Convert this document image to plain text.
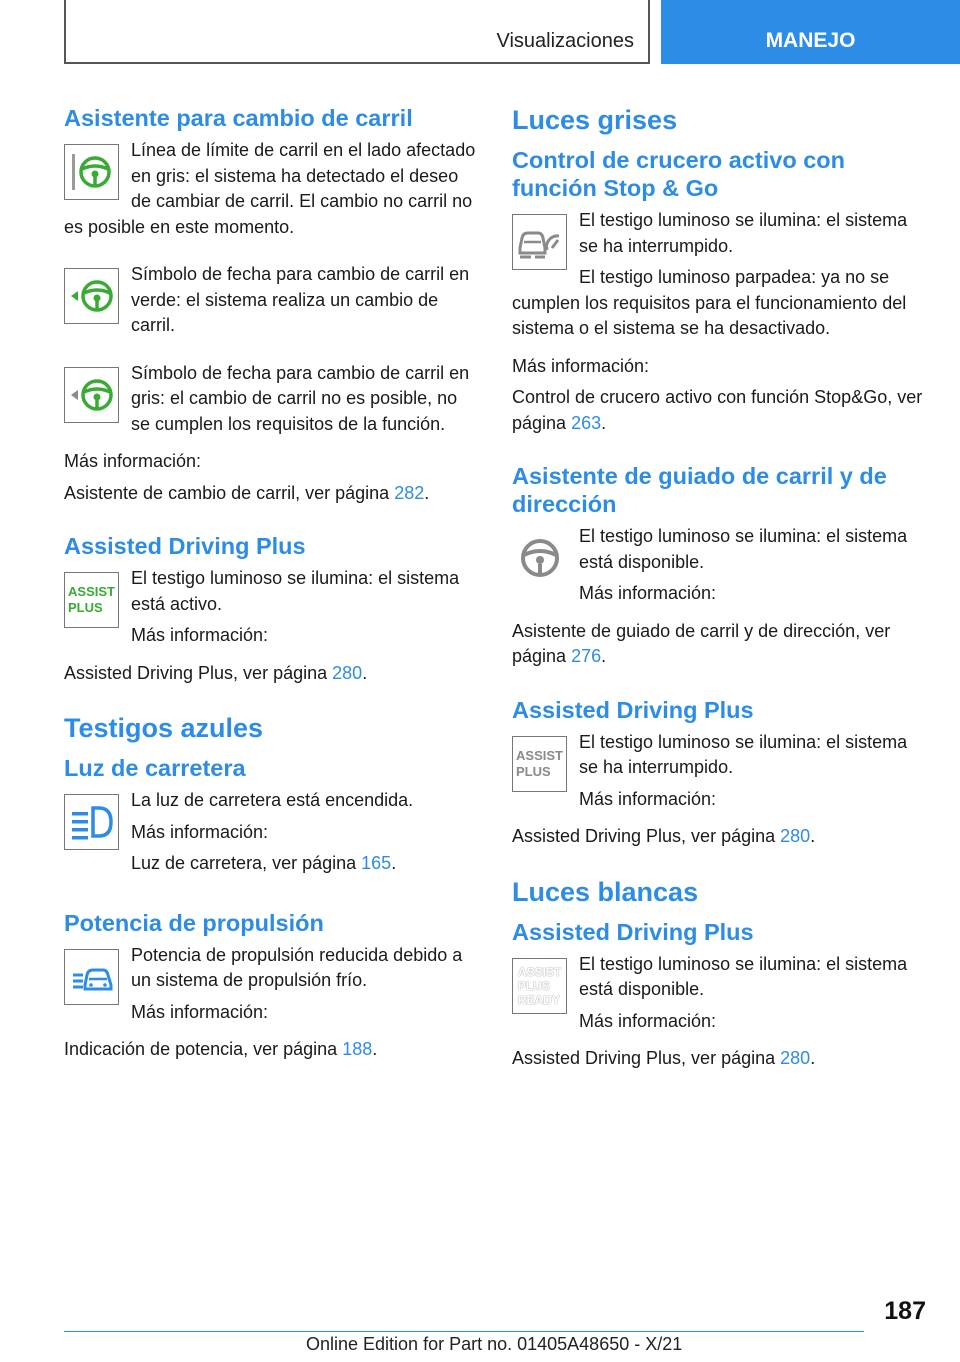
Visualizaciones	MANEJO
Asistente para cambio de carril

Línea de límite de carril en el lado afectado en gris: el sistema ha detectado el deseo de cambiar de carril. El cambio no carril no es posible en este momento.

Símbolo de fecha para cambio de carril en verde: el sistema realiza un cambio de carril.

Símbolo de fecha para cambio de carril en gris: el cambio de carril no es posible, no se cumplen los requisitos de la función.

Más información:

Asistente de cambio de carril, ver página 282.

Assisted Driving Plus
ASSIST
PLUS

El testigo luminoso se ilumina: el sistema está activo.

Más información:

Assisted Driving Plus, ver página 280.

Testigos azules
Luz de carretera

La luz de carretera está encendida.

Más información:

Luz de carretera, ver página 165.

Potencia de propulsión

Potencia de propulsión reducida debido a un sistema de propulsión frío.

Más información:

Indicación de potencia, ver página 188.

Luces grises
Control de crucero activo con función Stop & Go

El testigo luminoso se ilumina: el sistema se ha interrumpido.

El testigo luminoso parpadea: ya no se cumplen los requisitos para el funcionamiento del sistema o el sistema se ha desactivado.

Más información:

Control de crucero activo con función Stop&Go, ver página 263.

Asistente de guiado de carril y de dirección

El testigo luminoso se ilumina: el sistema está disponible.

Más información:

Asistente de guiado de carril y de dirección, ver página 276.

Assisted Driving Plus
ASSIST
PLUS

El testigo luminoso se ilumina: el sistema se ha interrumpido.

Más información:

Assisted Driving Plus, ver página 280.

Luces blancas
Assisted Driving Plus
ASSIST
PLUS
READY

El testigo luminoso se ilumina: el sistema está disponible.

Más información:

Assisted Driving Plus, ver página 280.

187
Online Edition for Part no. 01405A48650 - X/21
